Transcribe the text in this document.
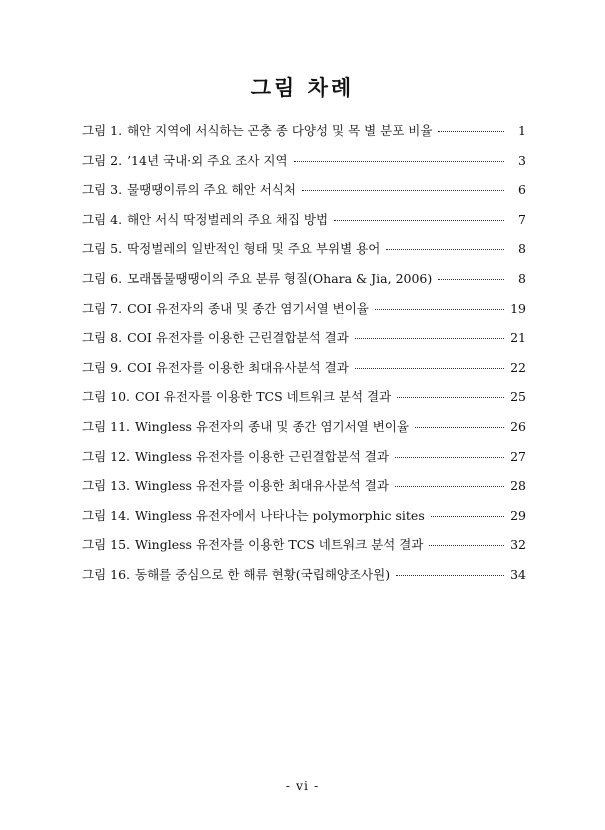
그림 차례
그림 1. 해안 지역에 서식하는 곤충 종 다양성 및 목 별 분포 비율	1
그림 2. ’14년 국내·외 주요 조사 지역	3
그림 3. 물땡땡이류의 주요 해안 서식처	6
그림 4. 해안 서식 딱정벌레의 주요 채집 방법	7
그림 5. 딱정벌레의 일반적인 형태 및 주요 부위별 용어	8
그림 6. 모래톱물땡땡이의 주요 분류 형질(Ohara & Jia, 2006)	8
그림 7. COI 유전자의 종내 및 종간 염기서열 변이율	19
그림 8. COI 유전자를 이용한 근린결합분석 결과	21
그림 9. COI 유전자를 이용한 최대유사분석 결과	22
그림 10. COI 유전자를 이용한 TCS 네트워크 분석 결과	25
그림 11. Wingless 유전자의 종내 및 종간 염기서열 변이율	26
그림 12. Wingless 유전자를 이용한 근린결합분석 결과	27
그림 13. Wingless 유전자를 이용한 최대유사분석 결과	28
그림 14. Wingless 유전자에서 나타나는 polymorphic sites	29
그림 15. Wingless 유전자를 이용한 TCS 네트워크 분석 결과	32
그림 16. 동해를 중심으로 한 해류 현황(국립해양조사원)	34
- vi -
